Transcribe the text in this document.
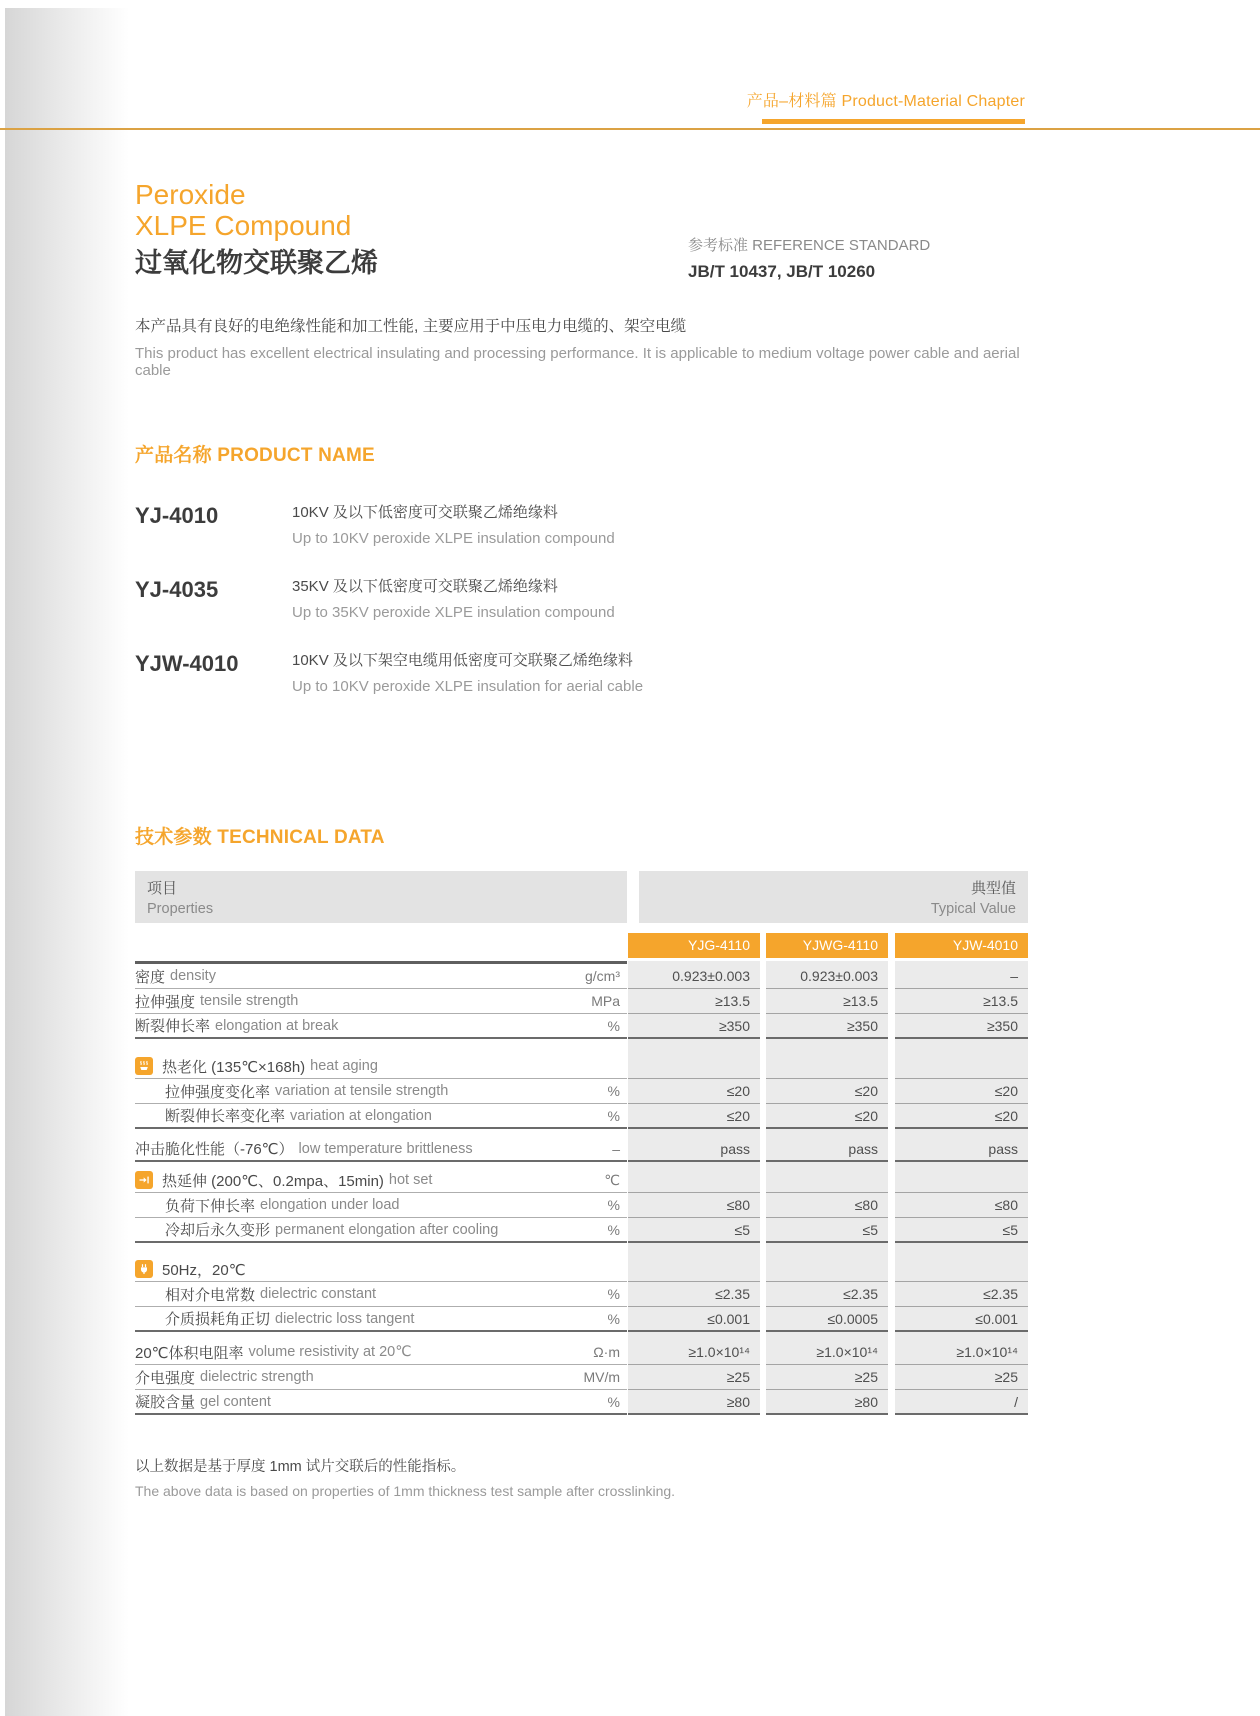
产品–材料篇 Product-Material Chapter
Peroxide
XLPE Compound
过氧化物交联聚乙烯
参考标准 REFERENCE STANDARD
JB/T 10437, JB/T 10260
本产品具有良好的电绝缘性能和加工性能, 主要应用于中压电力电缆的、架空电缆
This product has excellent electrical insulating and processing performance. It is applicable to medium voltage power cable and aerial cable
产品名称 PRODUCT NAME
YJ-4010	10KV 及以下低密度可交联聚乙烯绝缘料
Up to 10KV peroxide XLPE insulation compound
YJ-4035	35KV 及以下低密度可交联聚乙烯绝缘料
Up to 35KV peroxide XLPE insulation compound
YJW-4010	10KV 及以下架空电缆用低密度可交联聚乙烯绝缘料
Up to 10KV peroxide XLPE insulation for aerial cable
技术参数 TECHNICAL DATA
项目
Properties
典型值
Typical Value
YJG-4110	YJWG-4110	YJW-4010
密度 density	g/cm³	0.923±0.003	0.923±0.003	–
拉伸强度 tensile strength	MPa	≥13.5	≥13.5	≥13.5
断裂伸长率 elongation at break	%	≥350	≥350	≥350
热老化 (135℃×168h) heat aging
拉伸强度变化率 variation at tensile strength	%	≤20	≤20	≤20
断裂伸长率变化率 variation at elongation	%	≤20	≤20	≤20
冲击脆化性能（-76℃） low temperature brittleness	–	pass	pass	pass
热延伸 (200℃、0.2mpa、15min) hot set	℃
负荷下伸长率 elongation under load	%	≤80	≤80	≤80
冷却后永久变形 permanent elongation after cooling	%	≤5	≤5	≤5
50Hz，20℃
相对介电常数 dielectric constant	%	≤2.35	≤2.35	≤2.35
介质损耗角正切 dielectric loss tangent	%	≤0.001	≤0.0005	≤0.001
20℃体积电阻率 volume resistivity at 20℃	Ω·m	≥1.0×10¹⁴	≥1.0×10¹⁴	≥1.0×10¹⁴
介电强度 dielectric strength	MV/m	≥25	≥25	≥25
凝胶含量 gel content	%	≥80	≥80	/
以上数据是基于厚度 1mm 试片交联后的性能指标。
The above data is based on properties of 1mm thickness test sample after crosslinking.
